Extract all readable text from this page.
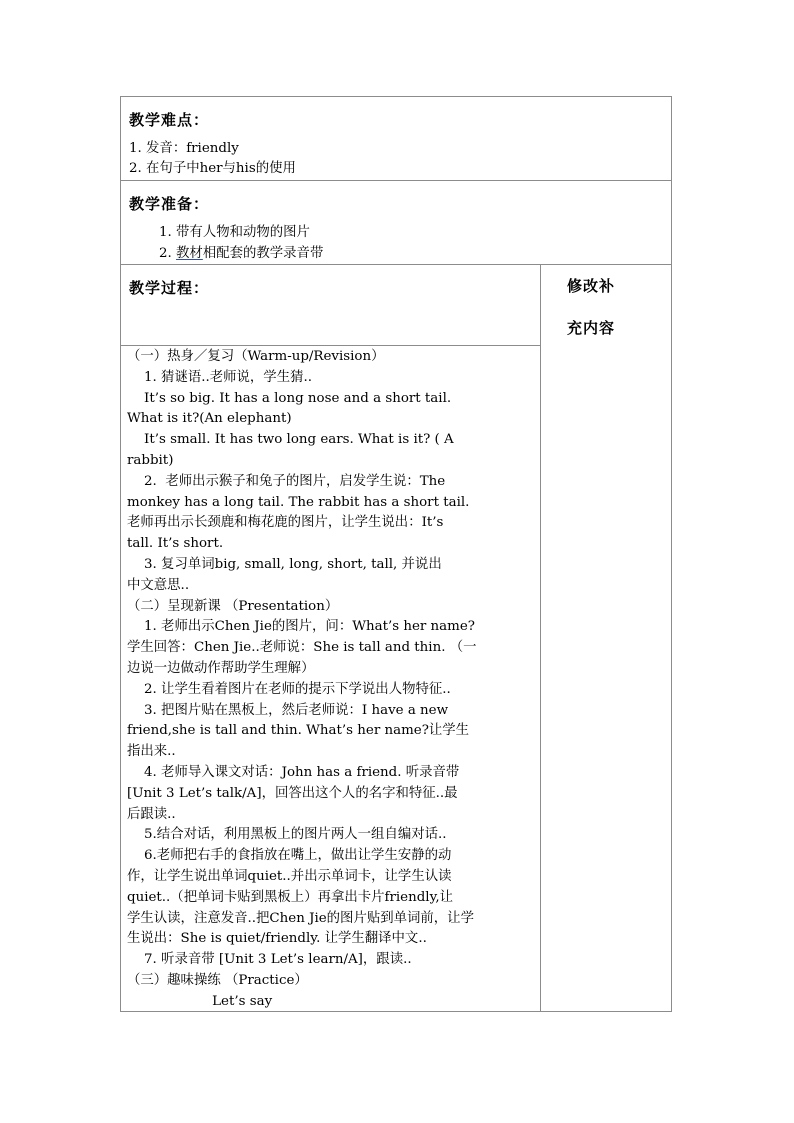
教学难点：
1. 发音：friendly
2. 在句子中her与his的使用
教学准备：
1. 带有人物和动物的图片
2. 教材相配套的教学录音带
教学过程：	修改补
充内容
（一）热身／复习（Warm-up/Revision）
1. 猜谜语..老师说，学生猜..
It’s so big. It has a long nose and a short tail.
What is it?(An elephant)
It’s small. It has two long ears. What is it? ( A
rabbit)
2.  老师出示猴子和兔子的图片，启发学生说：The
monkey has a long tail. The rabbit has a short tail.
老师再出示长颈鹿和梅花鹿的图片，让学生说出：It’s
tall. It’s short.
3. 复习单词big, small, long, short, tall, 并说出
中文意思..
（二）呈现新课 （Presentation）
1. 老师出示Chen Jie的图片，问：What’s her name?
学生回答：Chen Jie..老师说：She is tall and thin. （一
边说一边做动作帮助学生理解）
2. 让学生看着图片在老师的提示下学说出人物特征..
3. 把图片贴在黑板上，然后老师说：I have a new
friend,she is tall and thin. What’s her name?让学生
指出来..
4. 老师导入课文对话：John has a friend. 听录音带
[Unit 3 Let’s talk/A]，回答出这个人的名字和特征..最
后跟读..
5.结合对话，利用黑板上的图片两人一组自编对话..
6.老师把右手的食指放在嘴上，做出让学生安静的动
作，让学生说出单词quiet..并出示单词卡，让学生认读
quiet..（把单词卡贴到黑板上）再拿出卡片friendly,让
学生认读，注意发音..把Chen Jie的图片贴到单词前，让学
生说出：She is quiet/friendly. 让学生翻译中文..
7. 听录音带 [Unit 3 Let’s learn/A]，跟读..
（三）趣味操练 （Practice）
Let’s say
